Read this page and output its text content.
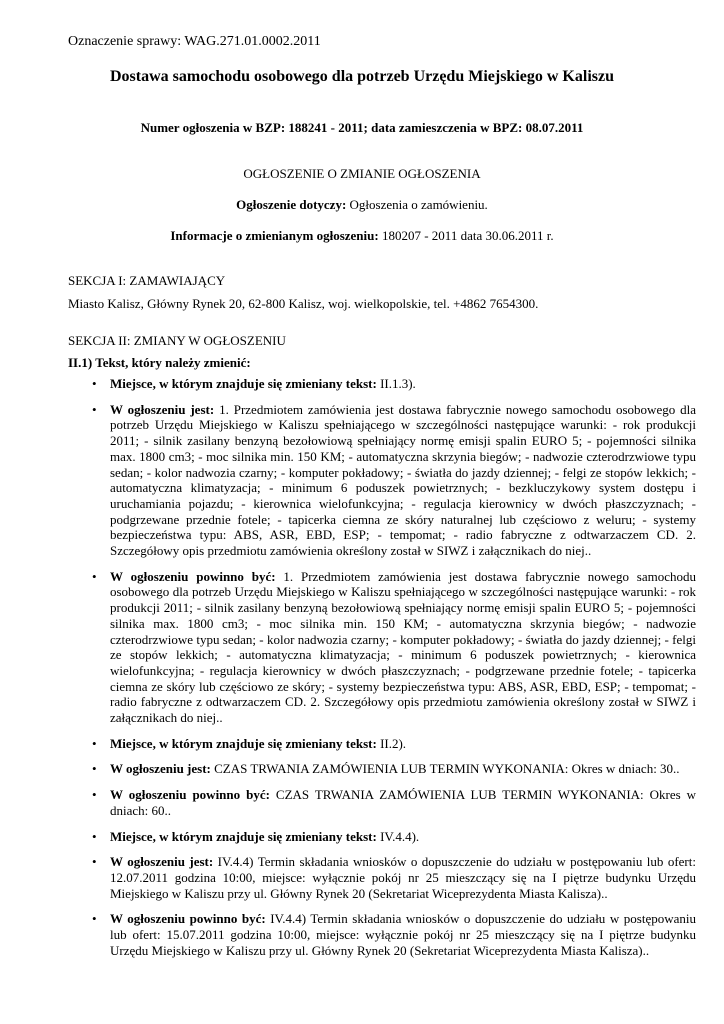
Oznaczenie sprawy: WAG.271.01.0002.2011
Dostawa samochodu osobowego dla potrzeb Urzędu Miejskiego w Kaliszu
Numer ogłoszenia w BZP: 188241 - 2011; data zamieszczenia w BPZ: 08.07.2011
OGŁOSZENIE O ZMIANIE OGŁOSZENIA
Ogłoszenie dotyczy: Ogłoszenia o zamówieniu.
Informacje o zmienianym ogłoszeniu: 180207 - 2011 data 30.06.2011 r.
SEKCJA I: ZAMAWIAJĄCY
Miasto Kalisz, Główny Rynek 20, 62-800 Kalisz, woj. wielkopolskie, tel. +4862 7654300.
SEKCJA II: ZMIANY W OGŁOSZENIU
II.1) Tekst, który należy zmienić:
• Miejsce, w którym znajduje się zmieniany tekst: II.1.3).
• W ogłoszeniu jest: 1. Przedmiotem zamówienia jest dostawa fabrycznie nowego samochodu osobowego dla potrzeb Urzędu Miejskiego w Kaliszu spełniającego w szczególności następujące warunki: - rok produkcji 2011; - silnik zasilany benzyną bezołowiową spełniający normę emisji spalin EURO 5; - pojemności silnika max. 1800 cm3; - moc silnika min. 150 KM; - automatyczna skrzynia biegów; - nadwozie czterodrzwiowe typu sedan; - kolor nadwozia czarny; - komputer pokładowy; - światła do jazdy dziennej; - felgi ze stopów lekkich; - automatyczna klimatyzacja; - minimum 6 poduszek powietrznych; - bezkluczykowy system dostępu i uruchamiania pojazdu; - kierownica wielofunkcyjna; - regulacja kierownicy w dwóch płaszczyznach; - podgrzewane przednie fotele; - tapicerka ciemna ze skóry naturalnej lub częściowo z weluru; - systemy bezpieczeństwa typu: ABS, ASR, EBD, ESP; - tempomat; - radio fabryczne z odtwarzaczem CD. 2. Szczegółowy opis przedmiotu zamówienia określony został w SIWZ i załącznikach do niej..
• W ogłoszeniu powinno być: 1. Przedmiotem zamówienia jest dostawa fabrycznie nowego samochodu osobowego dla potrzeb Urzędu Miejskiego w Kaliszu spełniającego w szczególności następujące warunki: - rok produkcji 2011; - silnik zasilany benzyną bezołowiową spełniający normę emisji spalin EURO 5; - pojemności silnika max. 1800 cm3; - moc silnika min. 150 KM; - automatyczna skrzynia biegów; - nadwozie czterodrzwiowe typu sedan; - kolor nadwozia czarny; - komputer pokładowy; - światła do jazdy dziennej; - felgi ze stopów lekkich; - automatyczna klimatyzacja; - minimum 6 poduszek powietrznych; - kierownica wielofunkcyjna; - regulacja kierownicy w dwóch płaszczyznach; - podgrzewane przednie fotele; - tapicerka ciemna ze skóry lub częściowo ze skóry; - systemy bezpieczeństwa typu: ABS, ASR, EBD, ESP; - tempomat; - radio fabryczne z odtwarzaczem CD. 2. Szczegółowy opis przedmiotu zamówienia określony został w SIWZ i załącznikach do niej..
• Miejsce, w którym znajduje się zmieniany tekst: II.2).
• W ogłoszeniu jest: CZAS TRWANIA ZAMÓWIENIA LUB TERMIN WYKONANIA: Okres w dniach: 30..
• W ogłoszeniu powinno być: CZAS TRWANIA ZAMÓWIENIA LUB TERMIN WYKONANIA: Okres w dniach: 60..
• Miejsce, w którym znajduje się zmieniany tekst: IV.4.4).
• W ogłoszeniu jest: IV.4.4) Termin składania wniosków o dopuszczenie do udziału w postępowaniu lub ofert: 12.07.2011 godzina 10:00, miejsce: wyłącznie pokój nr 25 mieszczący się na I piętrze budynku Urzędu Miejskiego w Kaliszu przy ul. Główny Rynek 20 (Sekretariat Wiceprezydenta Miasta Kalisza)..
• W ogłoszeniu powinno być: IV.4.4) Termin składania wniosków o dopuszczenie do udziału w postępowaniu lub ofert: 15.07.2011 godzina 10:00, miejsce: wyłącznie pokój nr 25 mieszczący się na I piętrze budynku Urzędu Miejskiego w Kaliszu przy ul. Główny Rynek 20 (Sekretariat Wiceprezydenta Miasta Kalisza)..
